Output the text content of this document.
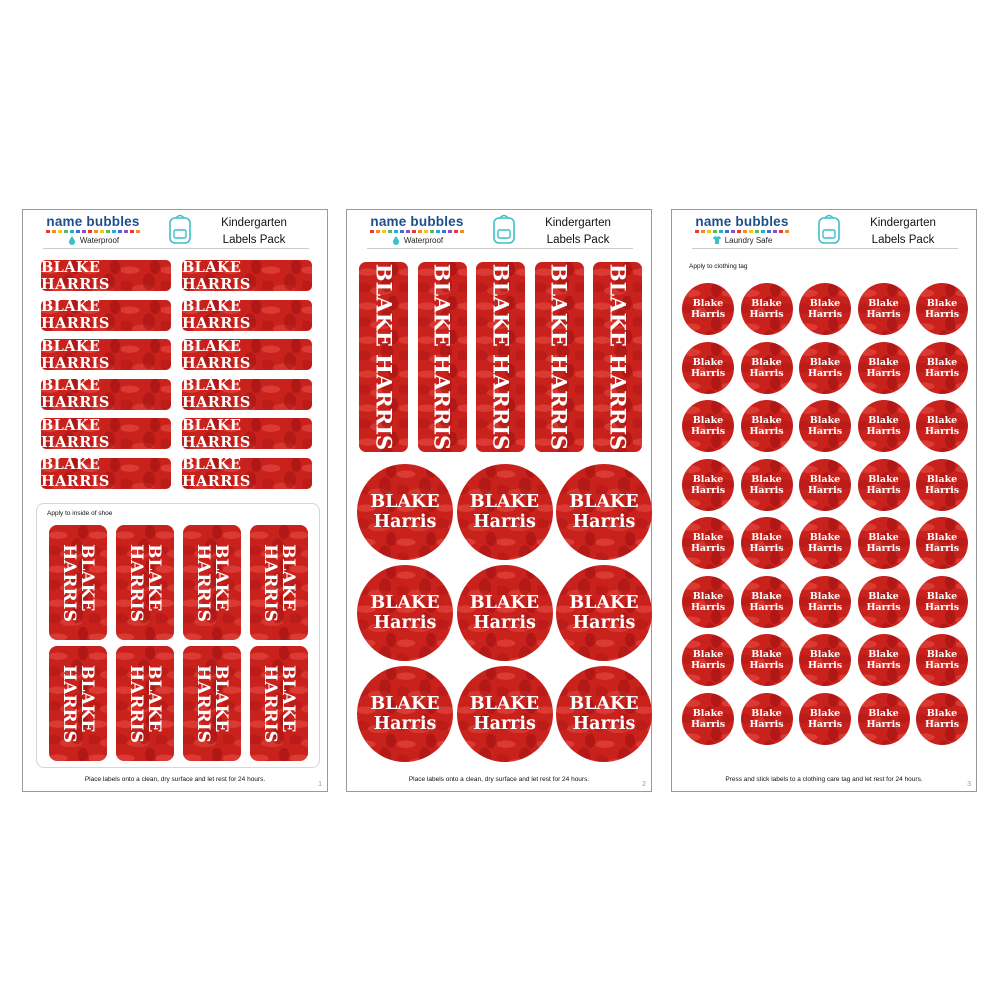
name bubbles
Waterproof
Kindergarten
Labels Pack
BLAKE HARRIS
BLAKE HARRIS
BLAKE HARRIS
BLAKE HARRIS
BLAKE HARRIS
BLAKE HARRIS
BLAKE HARRIS
BLAKE HARRIS
BLAKE HARRIS
BLAKE HARRIS
BLAKE HARRIS
BLAKE HARRIS
Apply to inside of shoe
BLAKE
HARRIS	BLAKE
HARRIS	BLAKE
HARRIS	BLAKE
HARRIS
BLAKE
HARRIS	BLAKE
HARRIS	BLAKE
HARRIS	BLAKE
HARRIS
Place labels onto a clean, dry surface and let rest for 24 hours.
1
name bubbles
Waterproof
Kindergarten
Labels Pack
BLAKE HARRIS BLAKE HARRIS BLAKE HARRIS BLAKE HARRIS BLAKE HARRIS
BLAKE
Harris
BLAKE
Harris
BLAKE
Harris
BLAKE
Harris
BLAKE
Harris
BLAKE
Harris
BLAKE
Harris
BLAKE
Harris
BLAKE
Harris
Place labels onto a clean, dry surface and let rest for 24 hours.
2
name bubbles
Laundry Safe
Kindergarten
Labels Pack
Apply to clothing tag
Blake
Harris
Blake
Harris
Blake
Harris
Blake
Harris
Blake
Harris
Blake
Harris
Blake
Harris
Blake
Harris
Blake
Harris
Blake
Harris
Blake
Harris
Blake
Harris
Blake
Harris
Blake
Harris
Blake
Harris
Blake
Harris
Blake
Harris
Blake
Harris
Blake
Harris
Blake
Harris
Blake
Harris
Blake
Harris
Blake
Harris
Blake
Harris
Blake
Harris
Blake
Harris
Blake
Harris
Blake
Harris
Blake
Harris
Blake
Harris
Blake
Harris
Blake
Harris
Blake
Harris
Blake
Harris
Blake
Harris
Blake
Harris
Blake
Harris
Blake
Harris
Blake
Harris
Blake
Harris
Press and stick labels to a clothing care tag and let rest for 24 hours.
3
